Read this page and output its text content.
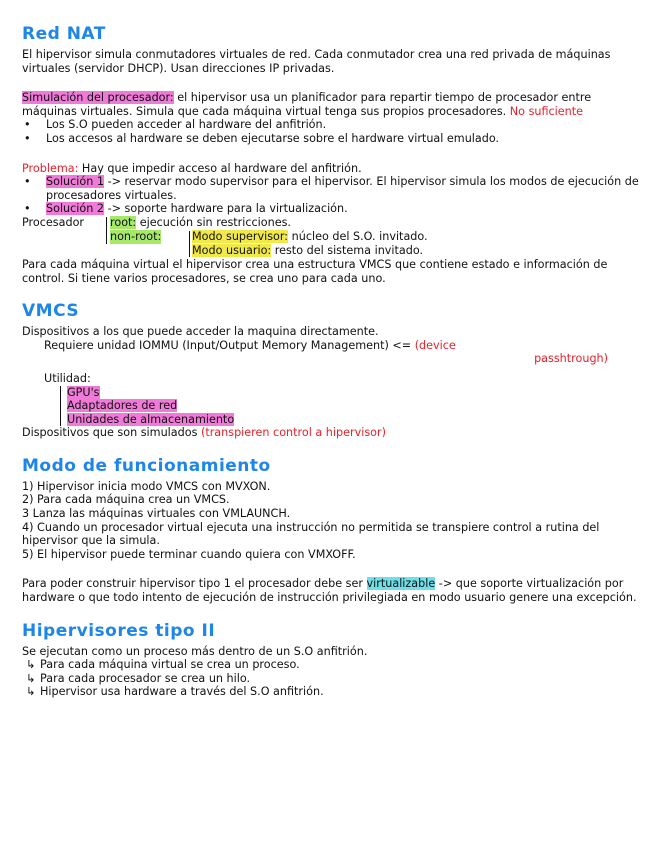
Red NAT

El hipervisor simula conmutadores virtuales de red. Cada conmutador crea una red privada de máquinas virtuales (servidor DHCP). Usan direcciones IP privadas.

Simulación del procesador: el hipervisor usa un planificador para repartir tiempo de procesador entre máquinas virtuales. Simula que cada máquina virtual tenga sus propios procesadores. No suficiente

• Los S.O pueden acceder al hardware del anfitrión.
• Los accesos al hardware se deben ejecutarse sobre el hardware virtual emulado.

Problema: Hay que impedir acceso al hardware del anfitrión.

• Solución 1 -> reservar modo supervisor para el hipervisor. El hipervisor simula los modos de ejecución de procesadores virtuales.
• Solución 2 -> soporte hardware para la virtualización.
Procesador root: ejecución sin restricciones.
non-root:	Modo supervisor: núcleo del S.O. invitado.
Modo usuario: resto del sistema invitado.

Para cada máquina virtual el hipervisor crea una estructura VMCS que contiene estado e información de control. Si tiene varios procesadores, se crea uno para cada uno.

VMCS

Dispositivos a los que puede acceder la maquina directamente.

Requiere unidad IOMMU (Input/Output Memory Management) <= (device

passhtrough)

Utilidad:

GPU's
Adaptadores de red
Unidades de almacenamiento

Dispositivos que son simulados (transpieren control a hipervisor)

Modo de funcionamiento

1) Hipervisor inicia modo VMCS con MVXON.

2) Para cada máquina crea un VMCS.

3 Lanza las máquinas virtuales con VMLAUNCH.

4) Cuando un procesador virtual ejecuta una instrucción no permitida se transpiere control a rutina del hipervisor que la simula.

5) El hipervisor puede terminar cuando quiera con VMXOFF.

Para poder construir hipervisor tipo 1 el procesador debe ser virtualizable -> que soporte virtualización por hardware o que todo intento de ejecución de instrucción privilegiada en modo usuario genere una excepción.

Hipervisores tipo II

Se ejecutan como un proceso más dentro de un S.O anfitrión.

↳ Para cada máquina virtual se crea un proceso.
↳ Para cada procesador se crea un hilo.
↳ Hipervisor usa hardware a través del S.O anfitrión.
